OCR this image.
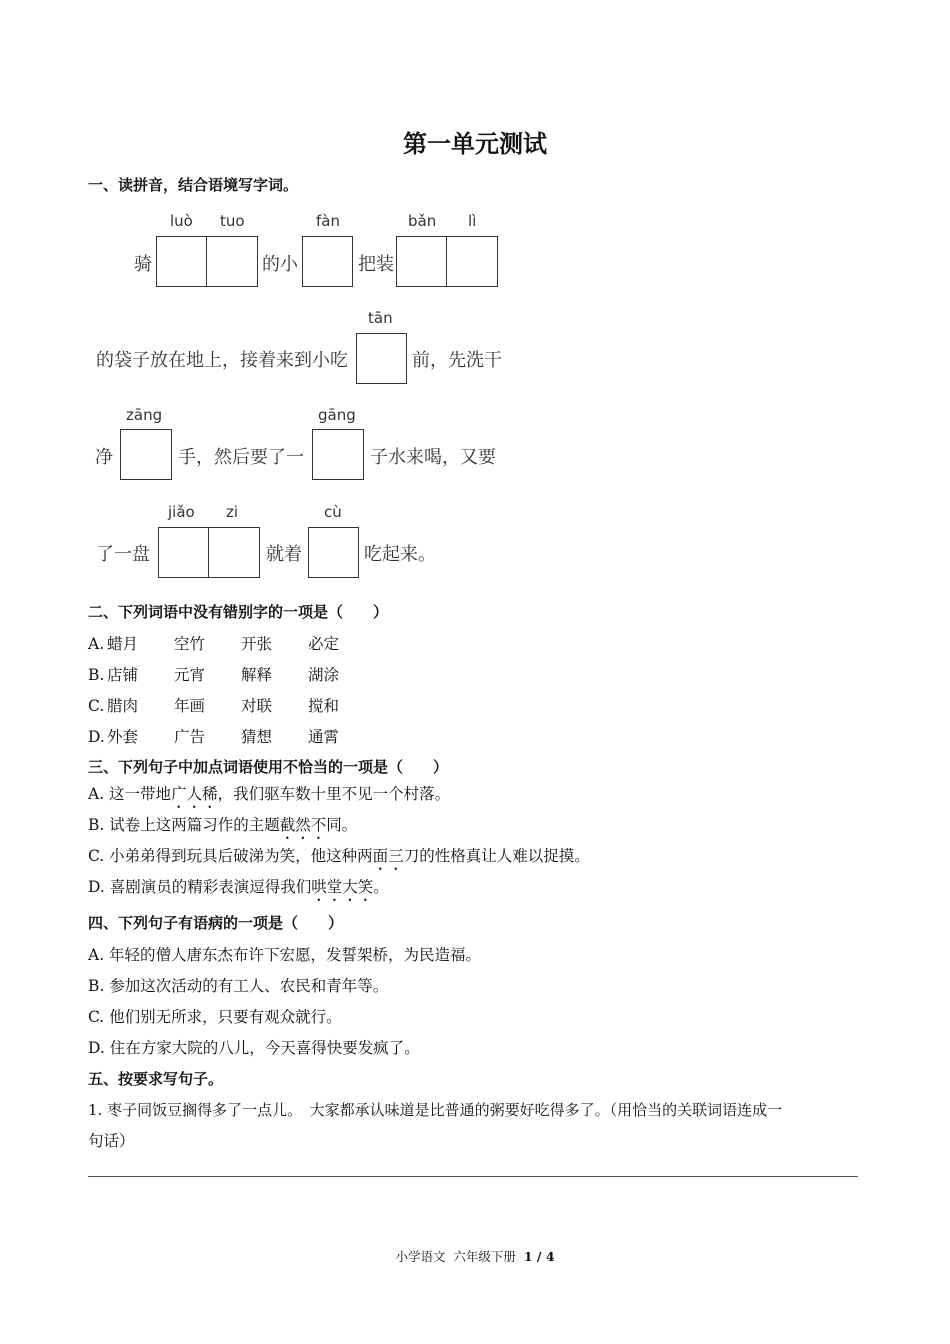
第一单元测试
一、读拼音，结合语境写字词。
luò tuo	fàn	bǎn lì
骑	的小	把装
tān
的袋子放在地上，接着来到小吃	前，先洗干
zāng	gāng
净	手，然后要了一	子水来喝，又要
jiǎo zi	cù
了一盘	就着	吃起来。
二、下列词语中没有错别字的一项是（　　）
A. 蜡月 空竹 开张 必定
B. 店铺 元宵 解释 湖涂
C. 腊肉 年画 对联 搅和
D. 外套 广告 猜想 通霄
三、下列句子中加点词语使用不恰当的一项是（　　）
A. 这一带地广人稀，我们驱车数十里不见一个村落。
B. 试卷上这两篇习作的主题截然不同。
C. 小弟弟得到玩具后破涕为笑，他这种两面三刀的性格真让人难以捉摸。
D. 喜剧演员的精彩表演逗得我们哄堂大笑。
四、下列句子有语病的一项是（　　）
A. 年轻的僧人唐东杰布许下宏愿，发誓架桥，为民造福。
B. 参加这次活动的有工人、农民和青年等。
C. 他们别无所求，只要有观众就行。
D. 住在方家大院的八儿，今天喜得快要发疯了。
五、按要求写句子。
1. 枣子同饭豆搁得多了一点儿。　大家都承认味道是比普通的粥要好吃得多了。（用恰当的关联词语连成一
句话）
小学语文 六年级下册 1 / 4
